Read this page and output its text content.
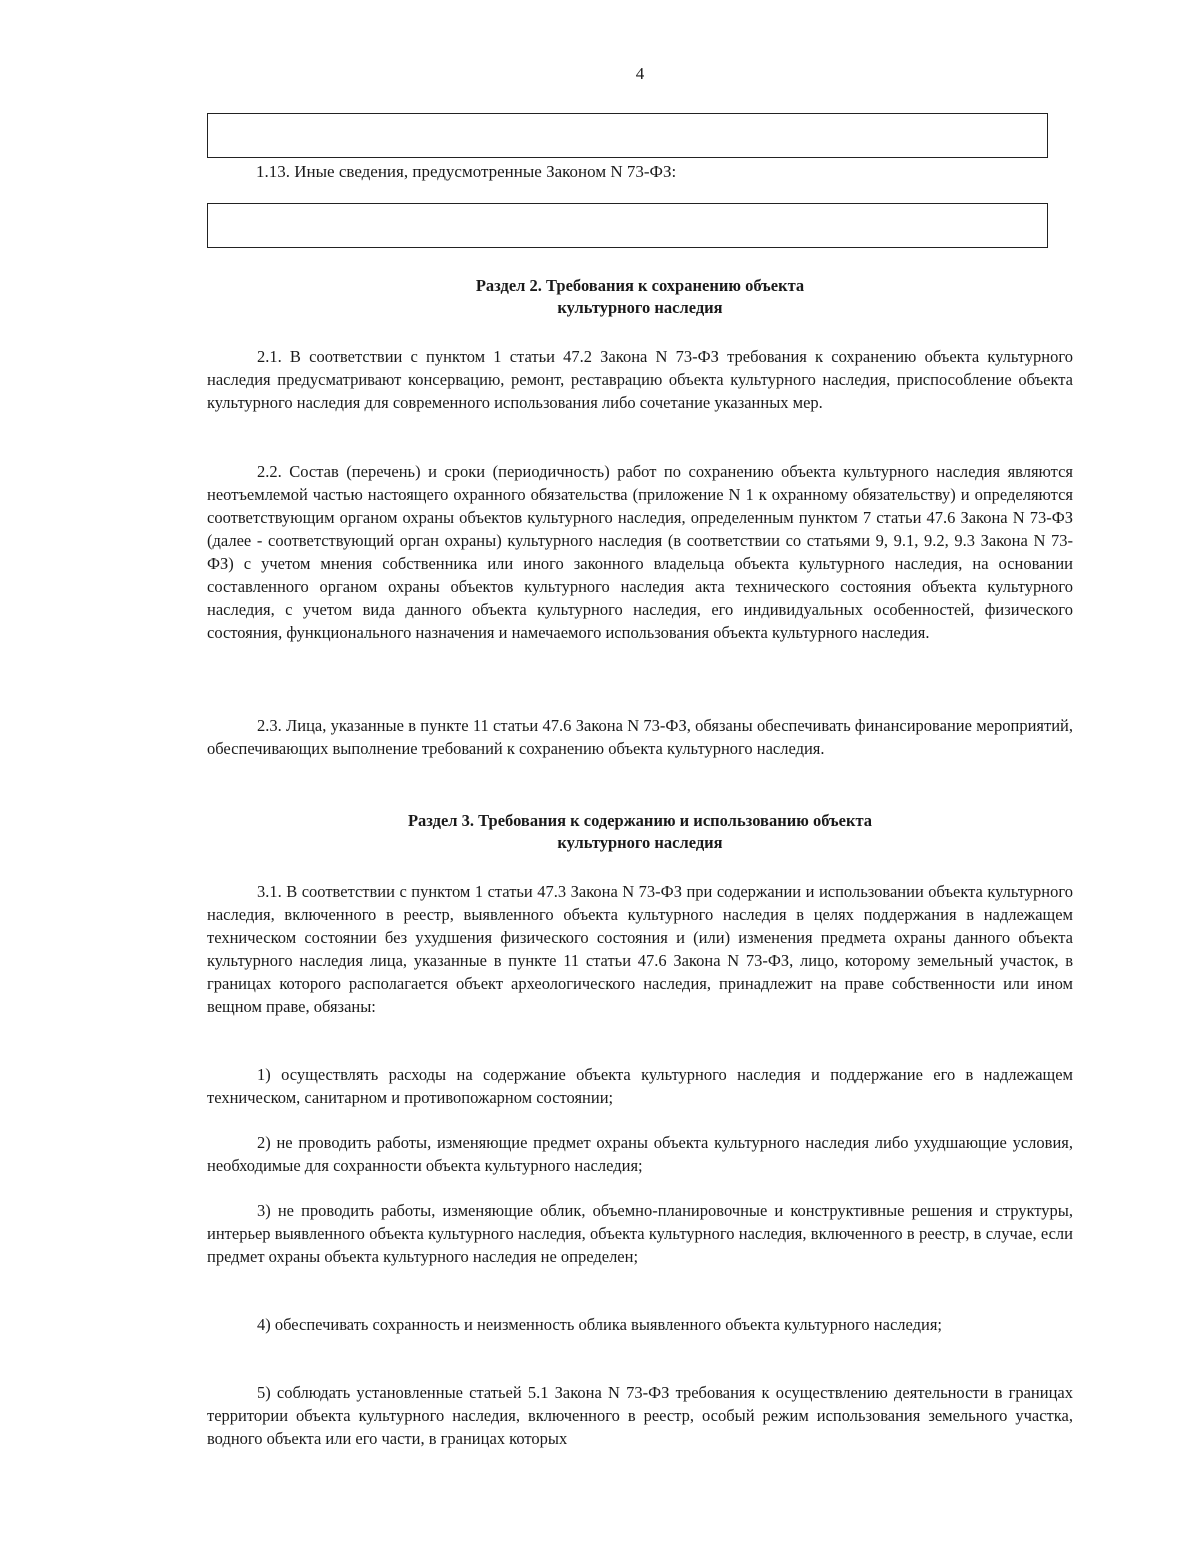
4
1.13. Иные сведения, предусмотренные Законом N 73-ФЗ:
Раздел 2. Требования к сохранению объекта
культурного наследия

2.1. В соответствии с пунктом 1 статьи 47.2 Закона N 73-ФЗ требования к сохранению объекта культурного наследия предусматривают консервацию, ремонт, реставрацию объекта культурного наследия, приспособление объекта культурного наследия для современного использования либо сочетание указанных мер.

2.2. Состав (перечень) и сроки (периодичность) работ по сохранению объекта культурного наследия являются неотъемлемой частью настоящего охранного обязательства (приложение N 1 к охранному обязательству) и определяются соответствующим органом охраны объектов культурного наследия, определенным пунктом 7 статьи 47.6 Закона N 73-ФЗ (далее - соответствующий орган охраны) культурного наследия (в соответствии со статьями 9, 9.1, 9.2, 9.3 Закона N 73-ФЗ) с учетом мнения собственника или иного законного владельца объекта культурного наследия, на основании составленного органом охраны объектов культурного наследия акта технического состояния объекта культурного наследия, с учетом вида данного объекта культурного наследия, его индивидуальных особенностей, физического состояния, функционального назначения и намечаемого использования объекта культурного наследия.

2.3. Лица, указанные в пункте 11 статьи 47.6 Закона N 73-ФЗ, обязаны обеспечивать финансирование мероприятий, обеспечивающих выполнение требований к сохранению объекта культурного наследия.

Раздел 3. Требования к содержанию и использованию объекта
культурного наследия

3.1. В соответствии с пунктом 1 статьи 47.3 Закона N 73-ФЗ при содержании и использовании объекта культурного наследия, включенного в реестр, выявленного объекта культурного наследия в целях поддержания в надлежащем техническом состоянии без ухудшения физического состояния и (или) изменения предмета охраны данного объекта культурного наследия лица, указанные в пункте 11 статьи 47.6 Закона N 73-ФЗ, лицо, которому земельный участок, в границах которого располагается объект археологического наследия, принадлежит на праве собственности или ином вещном праве, обязаны:

1) осуществлять расходы на содержание объекта культурного наследия и поддержание его в надлежащем техническом, санитарном и противопожарном состоянии;

2) не проводить работы, изменяющие предмет охраны объекта культурного наследия либо ухудшающие условия, необходимые для сохранности объекта культурного наследия;

3) не проводить работы, изменяющие облик, объемно-планировочные и конструктивные решения и структуры, интерьер выявленного объекта культурного наследия, объекта культурного наследия, включенного в реестр, в случае, если предмет охраны объекта культурного наследия не определен;

4) обеспечивать сохранность и неизменность облика выявленного объекта культурного наследия;

5) соблюдать установленные статьей 5.1 Закона N 73-ФЗ требования к осуществлению деятельности в границах территории объекта культурного наследия, включенного в реестр, особый режим использования земельного участка, водного объекта или его части, в границах которых
